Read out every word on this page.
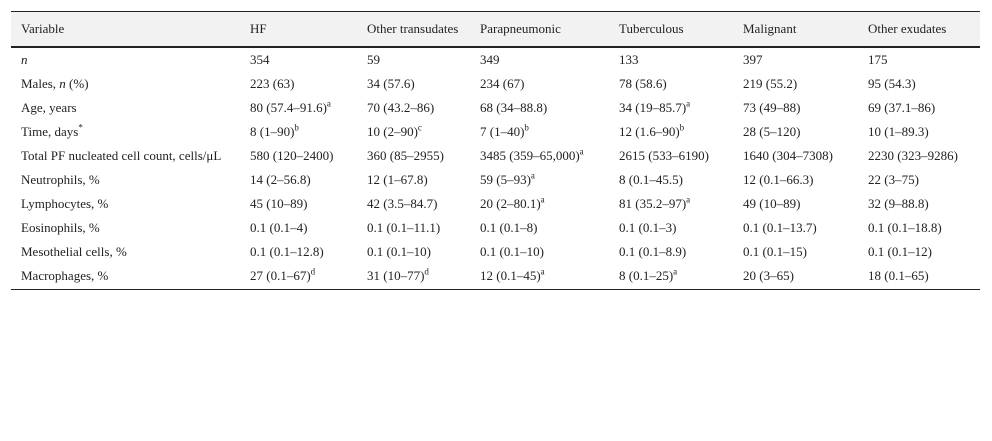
Variable	HF	Other transudates	Parapneumonic	Tuberculous	Malignant	Other exudates
n	354	59	349	133	397	175
Males, n (%)	223 (63)	34 (57.6)	234 (67)	78 (58.6)	219 (55.2)	95 (54.3)
Age, years	80 $(57.4-91.6)^a$	70 (43.2–86)	68 (34–88.8)	34 $(19-85.7)^a$	73 (49–88)	69 (37.1–86)
Time, days*	8 $(1-90)^b$	10 $(2-90)^c$	7 $(1-40)^b$	12 $(1.6-90)^b$	28 (5–120)	10 (1–89.3)
Total PF nucleated cell count, cells/μL	580 (120–2400)	360 (85–2955)	3485 $(359-65,000)^a$	2615 (533–6190)	1640 (304–7308)	2230 (323–9286)
Neutrophils, %	14 (2–56.8)	12 (1–67.8)	59 $(5-93)^a$	8 (0.1–45.5)	12 (0.1–66.3)	22 (3–75)
Lymphocytes, %	45 (10–89)	42 (3.5–84.7)	20 $(2-80.1)^a$	81 $(35.2-97)^a$	49 (10–89)	32 (9–88.8)
Eosinophils, %	0.1 (0.1–4)	0.1 (0.1–11.1)	0.1 (0.1–8)	0.1 (0.1–3)	0.1 (0.1–13.7)	0.1 (0.1–18.8)
Mesothelial cells, %	0.1 (0.1–12.8)	0.1 (0.1–10)	0.1 (0.1–10)	0.1 (0.1–8.9)	0.1 (0.1–15)	0.1 (0.1–12)
Macrophages, %	27 $(0.1-67)^d$	31 $(10-77)^d$	12 $(0.1-45)^a$	8 $(0.1-25)^a$	20 (3–65)	18 (0.1–65)
